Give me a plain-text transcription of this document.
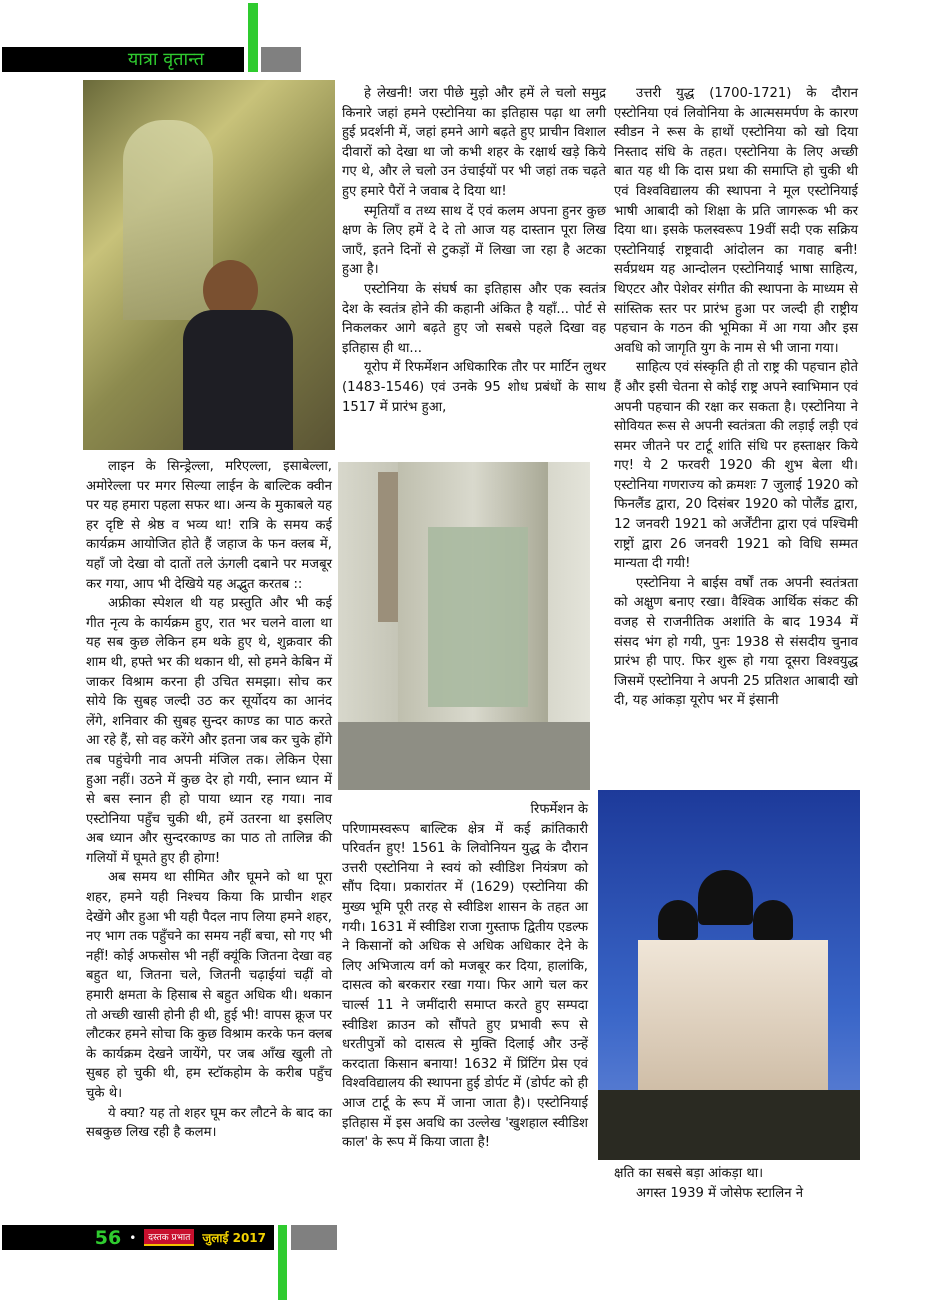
यात्रा वृतान्त

हे लेखनी! जरा पीछे मुड़ो और हमें ले चलो समुद्र किनारे जहां हमने एस्टोनिया का इतिहास पढ़ा था लगी हुई प्रदर्शनी में, जहां हमने आगे बढ़ते हुए प्राचीन विशाल दीवारों को देखा था जो कभी शहर के रक्षार्थ खड़े किये गए थे, और ले चलो उन उंचाईयों पर भी जहां तक चढ़ते हुए हमारे पैरों ने जवाब दे दिया था!

स्मृतियाँ व तथ्य साथ दें एवं कलम अपना हुनर कुछ क्षण के लिए हमें दे दे तो आज यह दास्तान पूरा लिख जाएँ, इतने दिनों से टुकड़ों में लिखा जा रहा है अटका हुआ है।

एस्टोनिया के संघर्ष का इतिहास और एक स्वतंत्र देश के स्वतंत्र होने की कहानी अंकित है यहाँ... पोर्ट से निकलकर आगे बढ़ते हुए जो सबसे पहले दिखा वह इतिहास ही था...

यूरोप में रिफर्मेशन अधिकारिक तौर पर मार्टिन लुथर (1483-1546) एवं उनके 95 शोध प्रबंधों के साथ 1517 में प्रारंभ हुआ,

लाइन के सिन्ड्रेल्ला, मरिएल्ला, इसाबेल्ला, अमोरेल्ला पर मगर सिल्या लाईन के बाल्टिक क्वीन पर यह हमारा पहला सफर था। अन्य के मुकाबले यह हर दृष्टि से श्रेष्ठ व भव्य था! रात्रि के समय कई कार्यक्रम आयोजित होते हैं जहाज के फन क्लब में, यहाँ जो देखा वो दातों तले ऊंगली दबाने पर मजबूर कर गया, आप भी देखिये यह अद्भुत करतब ::

अफ्रीका स्पेशल थी यह प्रस्तुति और भी कई गीत नृत्य के कार्यक्रम हुए, रात भर चलने वाला था यह सब कुछ लेकिन हम थके हुए थे, शुक्रवार की शाम थी, हफ्ते भर की थकान थी, सो हमने केबिन में जाकर विश्राम करना ही उचित समझा। सोच कर सोये कि सुबह जल्दी उठ कर सूर्योदय का आनंद लेंगे, शनिवार की सुबह सुन्दर काण्ड का पाठ करते आ रहे हैं, सो वह करेंगे और इतना जब कर चुके होंगे तब पहुंचेगी नाव अपनी मंजिल तक। लेकिन ऐसा हुआ नहीं। उठने में कुछ देर हो गयी, स्नान ध्यान में से बस स्नान ही हो पाया ध्यान रह गया। नाव एस्टोनिया पहुँच चुकी थी, हमें उतरना था इसलिए अब ध्यान और सुन्दरकाण्ड का पाठ तो तालिन्न की गलियों में घूमते हुए ही होगा!

अब समय था सीमित और घूमने को था पूरा शहर, हमने यही निश्चय किया कि प्राचीन शहर देखेंगे और हुआ भी यही पैदल नाप लिया हमने शहर, नए भाग तक पहुँचने का समय नहीं बचा, सो गए भी नहीं! कोई अफसोस भी नहीं क्यूंकि जितना देखा वह बहुत था, जितना चले, जितनी चढ़ाईयां चढ़ीं वो हमारी क्षमता के हिसाब से बहुत अधिक थी। थकान तो अच्छी खासी होनी ही थी, हुई भी! वापस क्रूज पर लौटकर हमने सोचा कि कुछ विश्राम करके फन क्लब के कार्यक्रम देखने जायेंगे, पर जब आँख खुली तो सुबह हो चुकी थी, हम स्टॉकहोम के करीब पहुँच चुके थे।

ये क्या? यह तो शहर घूम कर लौटने के बाद का सबकुछ लिख रही है कलम।

रिफर्मेशन के
परिणामस्वरूप बाल्टिक क्षेत्र में कई क्रांतिकारी परिवर्तन हुए! 1561 के लिवोनियन युद्ध के दौरान उत्तरी एस्टोनिया ने स्वयं को स्वीडिश नियंत्रण को सौंप दिया। प्रकारांतर में (1629) एस्टोनिया की मुख्य भूमि पूरी तरह से स्वीडिश शासन के तहत आ गयी। 1631 में स्वीडिश राजा गुस्ताफ द्वितीय एडल्फ ने किसानों को अधिक से अधिक अधिकार देने के लिए अभिजात्य वर्ग को मजबूर कर दिया, हालांकि, दासत्व को बरकरार रखा गया। फिर आगे चल कर चार्ल्स 11 ने जमींदारी समाप्त करते हुए सम्पदा स्वीडिश क्राउन को सौंपते हुए प्रभावी रूप से धरतीपुत्रों को दासत्व से मुक्ति दिलाई और उन्हें करदाता किसान बनाया! 1632 में प्रिंटिंग प्रेस एवं विश्वविद्यालय की स्थापना हुई डोर्पट में (डोर्पट को ही आज टार्टू के रूप में जाना जाता है)। एस्टोनियाई इतिहास में इस अवधि का उल्लेख 'खुशहाल स्वीडिश काल' के रूप में किया जाता है!

उत्तरी युद्ध (1700-1721) के दौरान एस्टोनिया एवं लिवोनिया के आत्मसमर्पण के कारण स्वीडन ने रूस के हाथों एस्टोनिया को खो दिया निस्ताद संधि के तहत। एस्टोनिया के लिए अच्छी बात यह थी कि दास प्रथा की समाप्ति हो चुकी थी एवं विश्वविद्यालय की स्थापना ने मूल एस्टोनियाई भाषी आबादी को शिक्षा के प्रति जागरूक भी कर दिया था। इसके फलस्वरूप 19वीं सदी एक सक्रिय एस्टोनियाई राष्ट्रवादी आंदोलन का गवाह बनी! सर्वप्रथम यह आन्दोलन एस्टोनियाई भाषा साहित्य, थिएटर और पेशेवर संगीत की स्थापना के माध्यम से सांस्तिक स्तर पर प्रारंभ हुआ पर जल्दी ही राष्ट्रीय पहचान के गठन की भूमिका में आ गया और इस अवधि को जागृति युग के नाम से भी जाना गया।

साहित्य एवं संस्कृति ही तो राष्ट्र की पहचान होते हैं और इसी चेतना से कोई राष्ट्र अपने स्वाभिमान एवं अपनी पहचान की रक्षा कर सकता है। एस्टोनिया ने सोवियत रूस से अपनी स्वतंत्रता की लड़ाई लड़ी एवं समर जीतने पर टार्टू शांति संधि पर हस्ताक्षर किये गए! ये 2 फरवरी 1920 की शुभ बेला थी। एस्टोनिया गणराज्य को क्रमशः 7 जुलाई 1920 को फिनलैंड द्वारा, 20 दिसंबर 1920 को पोलैंड द्वारा, 12 जनवरी 1921 को अर्जेंटीना द्वारा एवं पश्चिमी राष्ट्रों द्वारा 26 जनवरी 1921 को विधि सम्मत मान्यता दी गयी!

एस्टोनिया ने बाईस वर्षों तक अपनी स्वतंत्रता को अक्षुण बनाए रखा। वैश्विक आर्थिक संकट की वजह से राजनीतिक अशांति के बाद 1934 में संसद भंग हो गयी, पुनः 1938 से संसदीय चुनाव प्रारंभ ही पाए. फिर शुरू हो गया दूसरा विश्वयुद्ध जिसमें एस्टोनिया ने अपनी 25 प्रतिशत आबादी खो दी, यह आंकड़ा यूरोप भर में इंसानी

क्षति का सबसे बड़ा आंकड़ा था।

अगस्त 1939 में जोसेफ स्टालिन ने

56 •	दस्तक प्रभात	जुलाई 2017
